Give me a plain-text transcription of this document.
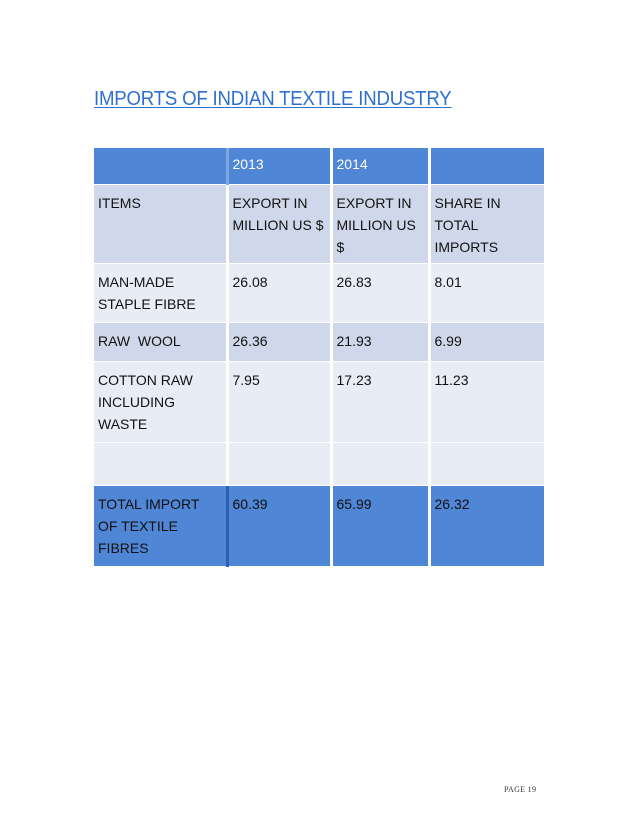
IMPORTS OF INDIAN TEXTILE INDUSTRY
	2013	2014	
ITEMS	EXPORT IN MILLION US $	EXPORT IN MILLION US $	SHARE IN TOTAL IMPORTS
MAN-MADE STAPLE FIBRE	26.08	26.83	8.01
RAW  WOOL	26.36	21.93	6.99
COTTON RAW INCLUDING WASTE	7.95	17.23	11.23

TOTAL IMPORT OF TEXTILE FIBRES	60.39	65.99	26.32
PAGE 19
